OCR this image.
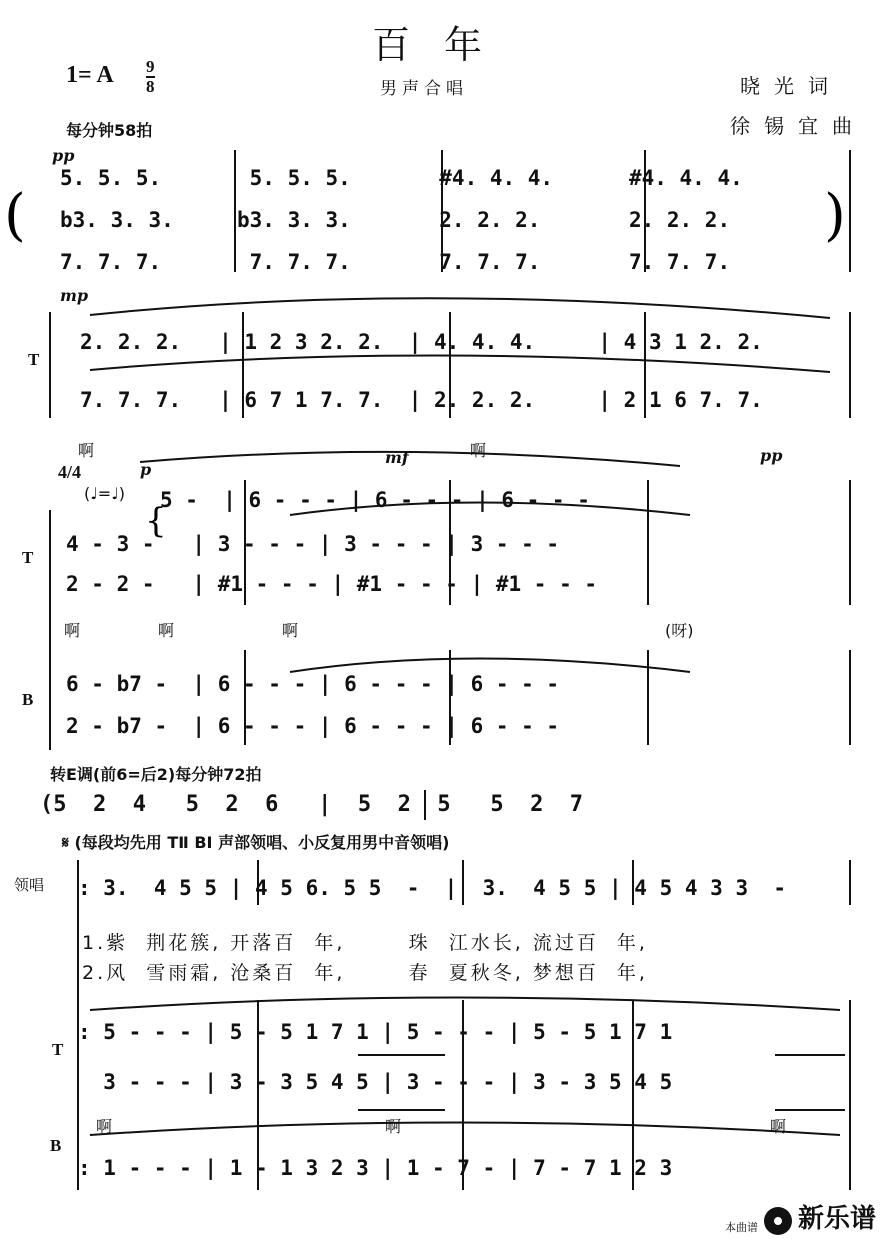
(	)
{
百年
1= A 9
8	男声合唱	晓光词
徐锡宜曲
每分钟58拍
pp
5. 5. 5.       5. 5. 5.       #4. 4. 4.      #4. 4. 4.
b3. 3. 3.     b3. 3. 3.       2. 2. 2.       2. 2. 2.
7. 7. 7.       7. 7. 7.       7. 7. 7.       7. 7. 7.
mp
T
2. 2. 2.   | 1 2 3 2. 2.  | 4. 4. 4.     | 4 3 1 2. 2.
7. 7. 7.   | 6 7 1 7. 7.  | 2. 2. 2.     | 2 1 6 7. 7.
啊	啊
4/4
(♩=♩)
p
mf	pp
5 -  | 6 - - - | 6 - - - | 6 - - -
T
4 - 3 -   | 3 - - - | 3 - - - | 3 - - -
2 - 2 -   | #1 - - - | #1 - - - | #1 - - -
啊	啊	啊	(呀)
B
6 - b7 -  | 6 - - - | 6 - - - | 6 - - -
2 - b7 -  | 6 - - - | 6 - - - | 6 - - -
转E调(前6=后2)每分钟72拍
(5  2  4   5  2  6   |  5  2  5   5  2  7
𝄋 (每段均先用 TⅡ BⅠ 声部领唱、小反复用男中音领唱)
领唱 : 3.  4 5 5 | 4 5 6. 5 5  -  |  3.  4 5 5 | 4 5 4 3 3  -
1.紫  荆花簇, 开落百  年,       珠  江水长, 流过百  年,
2.风  雪雨霜, 沧桑百  年,       春  夏秋冬, 梦想百  年,
T
: 5 - - - | 5 - 5 1 7 1 | 5 - - - | 5 - 5 1 7 1
3 - - - | 3 - 3 5 4 5 | 3 - - - | 3 - 3 5 4 5
啊	啊	啊
B
: 1 - - - | 1 - 1 3 2 3 | 1 - 7 - | 7 - 7 1 2 3
本曲谱 新乐谱
